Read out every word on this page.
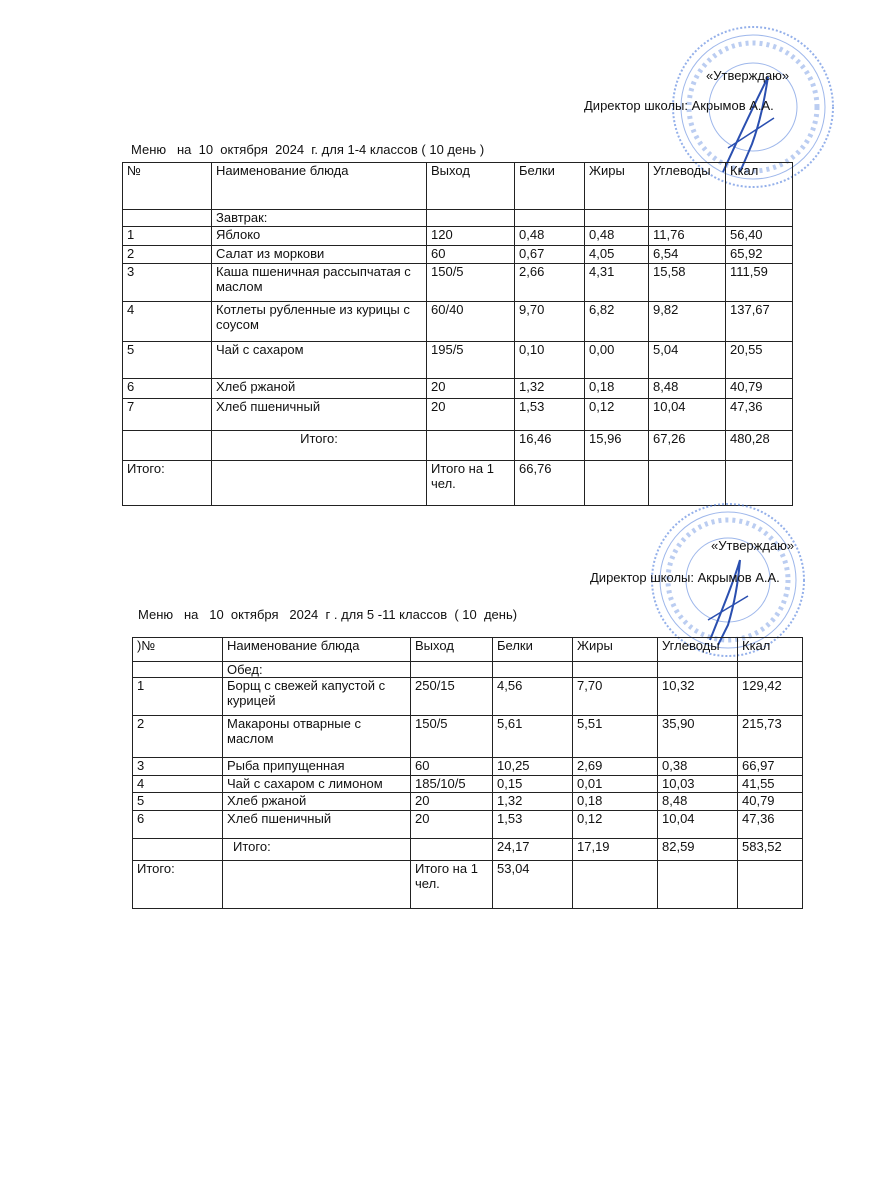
«Утверждаю»
Директор школы: Акрымов А.А.
Меню   на  10  октября  2024  г. для 1-4 классов ( 10 день )
№	Наименование блюда	Выход	Белки	Жиры	Углеводы	Ккал
	Завтрак:					
1	Яблоко	120	0,48	0,48	11,76	56,40
2	Салат из моркови	60	0,67	4,05	6,54	65,92
3	Каша пшеничная рассыпчатая с маслом	150/5	2,66	4,31	15,58	111,59
4	Котлеты рубленные из курицы с соусом	60/40	9,70	6,82	9,82	137,67
5	Чай с сахаром	195/5	0,10	0,00	5,04	20,55
6	Хлеб ржаной	20	1,32	0,18	8,48	40,79
7	Хлеб пшеничный	20	1,53	0,12	10,04	47,36
	Итого:		16,46	15,96	67,26	480,28
Итого:		Итого на 1 чел.	66,76			
«Утверждаю»
Директор школы: Акрымов А.А.
Меню   на   10  октября   2024  г . для 5 -11 классов  ( 10  день)
)№	Наименование блюда	Выход	Белки	Жиры	Углеводы	Ккал
	Обед:					
1	Борщ с свежей капустой с курицей	250/15	4,56	7,70	10,32	129,42
2	Макароны отварные с маслом	150/5	5,61	5,51	35,90	215,73
3	Рыба припущенная	60	10,25	2,69	0,38	66,97
4	Чай с сахаром с лимоном	185/10/5	0,15	0,01	10,03	41,55
5	Хлеб ржаной	20	1,32	0,18	8,48	40,79
6	Хлеб пшеничный	20	1,53	0,12	10,04	47,36
	Итого:		24,17	17,19	82,59	583,52
Итого:		Итого на 1 чел.	53,04			
